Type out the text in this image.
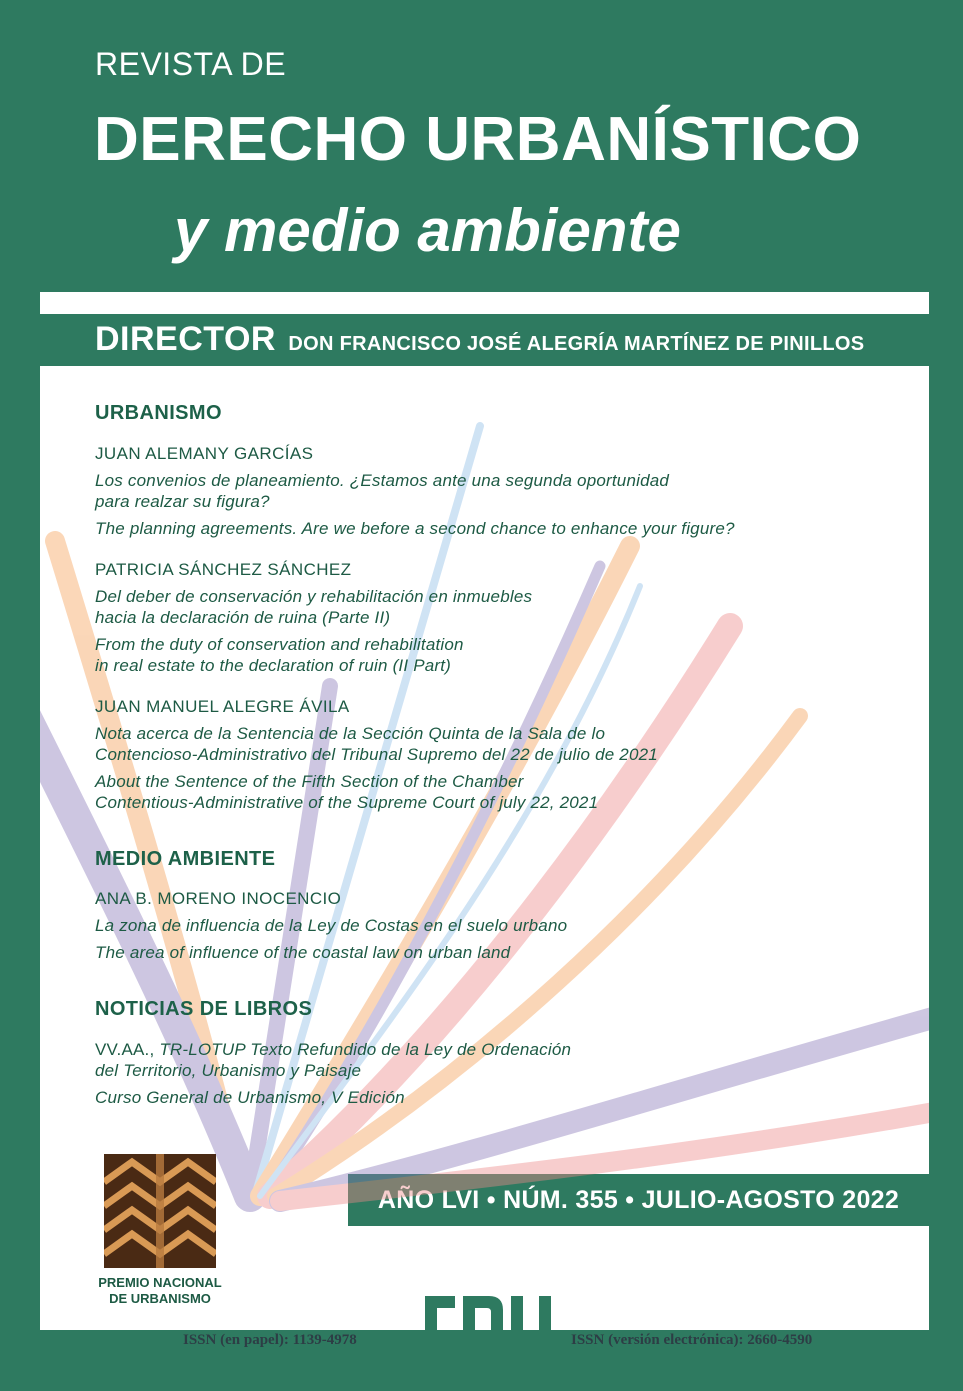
REVISTA DE
DERECHO URBANÍSTICO
y medio ambiente
DIRECTOR DON FRANCISCO JOSÉ ALEGRÍA MARTÍNEZ DE PINILLOS
AÑO LVI • NÚM. 355 • JULIO-AGOSTO 2022
URBANISMO
JUAN ALEMANY GARCÍAS
Los convenios de planeamiento. ¿Estamos ante una segunda oportunidad
para realzar su figura?
The planning agreements. Are we before a second chance to enhance your figure?
PATRICIA SÁNCHEZ SÁNCHEZ
Del deber de conservación y rehabilitación en inmuebles
hacia la declaración de ruina (Parte II)
From the duty of conservation and rehabilitation
in real estate to the declaration of ruin (II Part)
JUAN MANUEL ALEGRE ÁVILA
Nota acerca de la Sentencia de la Sección Quinta de la Sala de lo
Contencioso-Administrativo del Tribunal Supremo del 22 de julio de 2021
About the Sentence of the Fifth Section of the Chamber
Contentious-Administrative of the Supreme Court of july 22, 2021
MEDIO AMBIENTE
ANA B. MORENO INOCENCIO
La zona de influencia de la Ley de Costas en el suelo urbano
The area of influence of the coastal law on urban land
NOTICIAS DE LIBROS
VV.AA., TR-LOTUP Texto Refundido de la Ley de Ordenación
del Territorio, Urbanismo y Paisaje
Curso General de Urbanismo, V Edición
PREMIO NACIONAL
DE URBANISMO
ISSN (en papel): 1139-4978	ISSN (versión electrónica): 2660-4590
